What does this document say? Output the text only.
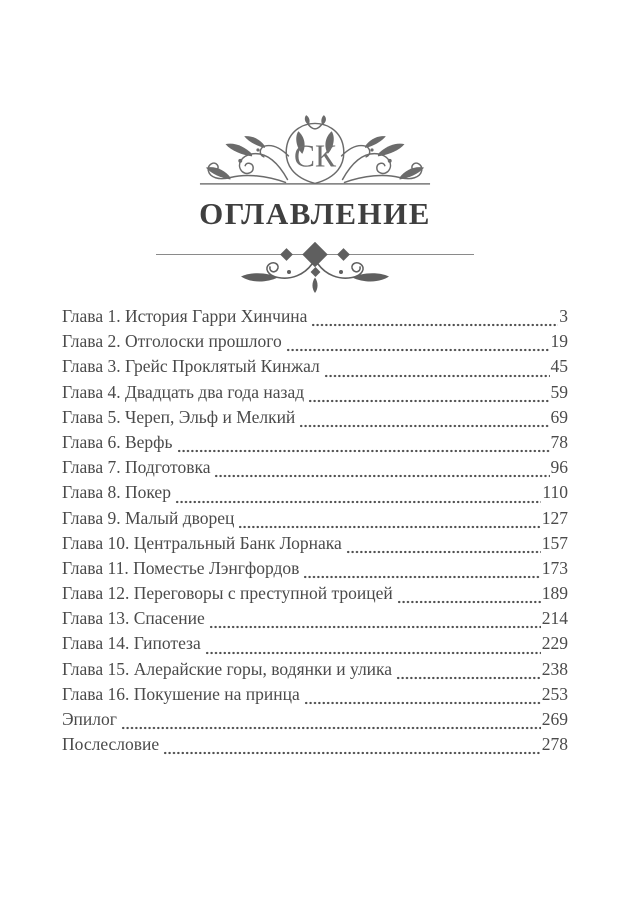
СК
ОГЛАВЛЕНИЕ
Глава 1. История Гарри Хинчина	3
Глава 2. Отголоски прошлого	19
Глава 3. Грейс Проклятый Кинжал	45
Глава 4. Двадцать два года назад	59
Глава 5. Череп, Эльф и Мелкий	69
Глава 6. Верфь	78
Глава 7. Подготовка	96
Глава 8. Покер	110
Глава 9. Малый дворец	127
Глава 10. Центральный Банк Лорнака	157
Глава 11. Поместье Лэнгфордов	173
Глава 12. Переговоры с преступной троицей	189
Глава 13. Спасение	214
Глава 14. Гипотеза	229
Глава 15. Алерайские горы, водянки и улика	238
Глава 16. Покушение на принца	253
Эпилог	269
Послесловие	278
